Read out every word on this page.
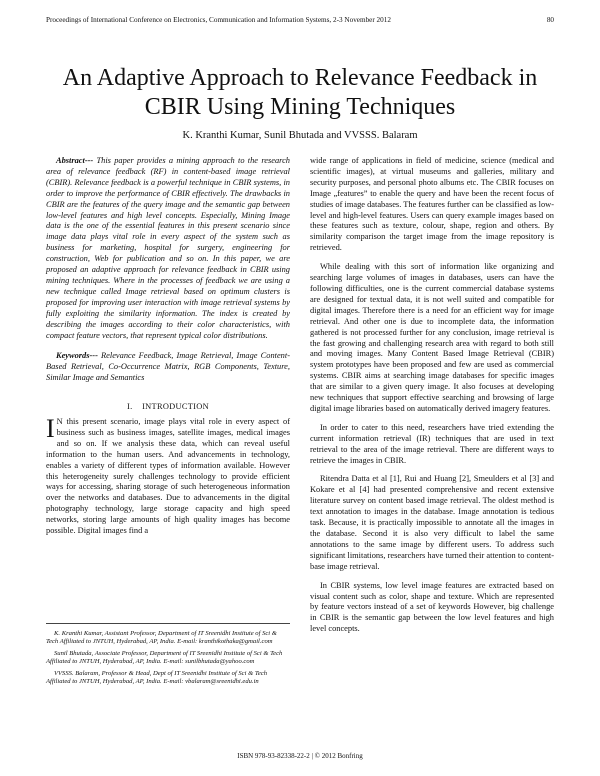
Proceedings of International Conference on Electronics, Communication and Information Systems, 2-3 November 2012	80
An Adaptive Approach to Relevance Feedback in CBIR Using Mining Techniques
K. Kranthi Kumar, Sunil Bhutada and VVSSS. Balaram

Abstract--- This paper provides a mining approach to the research area of relevance feedback (RF) in content-based image retrieval (CBIR). Relevance feedback is a powerful technique in CBIR systems, in order to improve the performance of CBIR effectively. The drawbacks in CBIR are the features of the query image and the semantic gap between low-level features and high level concepts. Especially, Mining Image data is the one of the essential features in this present scenario since image data plays vital role in every aspect of the system such as business for marketing, hospital for surgery, engineering for construction, Web for publication and so on. In this paper, we are proposed an adaptive approach for relevance feedback in CBIR using mining techniques. Where in the processes of feedback we are using a new technique called Image retrieval based on optimum clusters is proposed for improving user interaction with image retrieval systems by fully exploiting the similarity information. The index is created by describing the images according to their color characteristics, with compact feature vectors, that represent typical color distributions.

Keywords--- Relevance Feedback, Image Retrieval, Image Content-Based Retrieval, Co-Occurrence Matrix, RGB Components, Texture, Similar Image and Semantics

I. INTRODUCTION

I N this present scenario, image plays vital role in every aspect of business such as business images, satellite images, medical images and so on. If we analysis these data, which can reveal useful information to the human users. And advancements in technology, enables a variety of different types of information available. However this heterogeneity surely challenges technology to provide efficient ways for accessing, sharing storage of such heterogeneous information over the networks and databases. Due to advancements in the digital photography technology, large storage capacity and high speed networks, storing large amounts of high quality images has become possible. Digital images find a

K. Kranthi Kumar, Assistant Professor, Department of IT Sreenidhi Institute of Sci & Tech Affiliated to JNTUH, Hyderabad, AP, India. E-mail: kranthikothaka@gmail.com

Sunil Bhutada, Associate Professor, Department of IT Sreenidhi Institute of Sci & Tech Affiliated to JNTUH, Hyderabad, AP, India. E-mail: sunilbhutada@yahoo.com

VVSSS. Balaram, Professor & Head, Dept of IT Sreenidhi Institute of Sci & Tech Affiliated to JNTUH, Hyderabad, AP, India. E-mail: vbalaram@sreenidhi.edu.in

wide range of applications in field of medicine, science (medical and scientific images), at virtual museums and galleries, military and security purposes, and personal photo albums etc. The CBIR focuses on Image „features” to enable the query and have been the recent focus of studies of image databases. The features further can be classified as low-level and high-level features. Users can query example images based on these features such as texture, colour, shape, region and others. By similarity comparison the target image from the image repository is retrieved.

While dealing with this sort of information like organizing and searching large volumes of images in databases, users can have the following difficulties, one is the current commercial database systems are designed for textual data, it is not well suited and compatible for digital images. Therefore there is a need for an efficient way for image retrieval. And other one is due to incomplete data, the information gathered is not processed further for any conclusion, image retrieval is the fast growing and challenging research area with regard to both still and moving images. Many Content Based Image Retrieval (CBIR) system prototypes have been proposed and few are used as commercial systems. CBIR aims at searching image databases for specific images that are similar to a given query image. It also focuses at developing new techniques that support effective searching and browsing of large digital image libraries based on automatically derived imagery features.

In order to cater to this need, researchers have tried extending the current information retrieval (IR) techniques that are used in text retrieval to the area of the image retrieval. There are different ways to retrieve the images in CBIR.

Ritendra Datta et al [1], Rui and Huang [2], Smeulders et al [3] and Kokare et al [4] had presented comprehensive and recent extensive literature survey on content based image retrieval. The oldest method is text annotation to images in the database. Image annotation is tedious task. Because, it is practically impossible to annotate all the images in the database. Second it is also very difficult to label the same annotations to the same image by different users. To address such significant limitations, researchers have turned their attention to content-base image retrieval.

In CBIR systems, low level image features are extracted based on visual content such as color, shape and texture. Which are represented by feature vectors instead of a set of keywords However, big challenge in CBIR is the semantic gap between the low level features and high level concepts.

ISBN 978-93-82338-22-2 | © 2012 Bonfring
